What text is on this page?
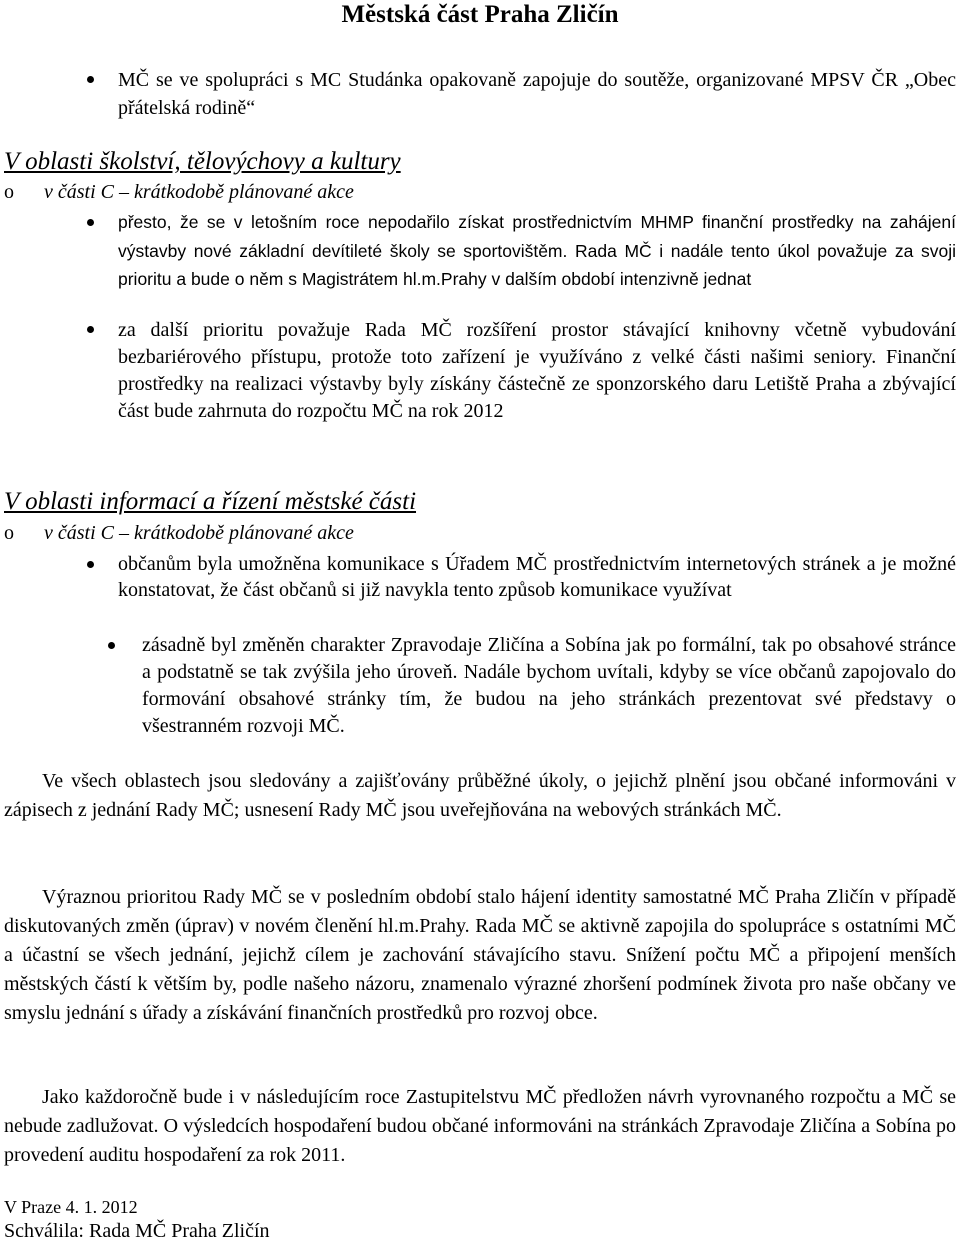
Městská část Praha Zličín

MČ se ve spolupráci s MC Studánka opakovaně zapojuje do soutěže, organizované MPSV ČR „Obec přátelská rodině“

V oblasti školství, tělovýchovy a kultury

o v části C – krátkodobě plánované akce

přesto, že se v letošním roce nepodařilo získat prostřednictvím MHMP finanční prostředky na zahájení výstavby nové základní devítileté školy se sportovištěm. Rada MČ i nadále tento úkol považuje za svoji prioritu a bude o něm s Magistrátem hl.m.Prahy v dalším období intenzivně jednat

za další prioritu považuje Rada MČ rozšíření prostor stávající knihovny včetně vybudování bezbariérového přístupu, protože toto zařízení je využíváno z velké části našimi seniory. Finanční prostředky na realizaci výstavby byly získány částečně ze sponzorského daru Letiště Praha a zbývající část bude zahrnuta do rozpočtu MČ na rok 2012

V oblasti informací a řízení městské části

o v části C – krátkodobě plánované akce

občanům byla umožněna komunikace s Úřadem MČ prostřednictvím internetových stránek a je možné konstatovat, že část občanů si již navykla tento způsob komunikace využívat

zásadně byl změněn charakter Zpravodaje Zličína a Sobína jak po formální, tak po obsahové stránce a podstatně se tak zvýšila jeho úroveň. Nadále bychom uvítali, kdyby se více občanů zapojovalo do formování obsahové stránky tím, že budou na jeho stránkách prezentovat své představy o všestranném rozvoji MČ.

Ve všech oblastech jsou sledovány a zajišťovány průběžné úkoly, o jejichž plnění jsou občané informováni v zápisech z jednání Rady MČ; usnesení Rady MČ jsou uveřejňována na webových stránkách MČ.

Výraznou prioritou Rady MČ se v posledním období stalo hájení identity samostatné MČ Praha Zličín v případě diskutovaných změn (úprav) v novém členění hl.m.Prahy. Rada MČ se aktivně zapojila do spolupráce s ostatními MČ a účastní se všech jednání, jejichž cílem je zachování stávajícího stavu. Snížení počtu MČ a připojení menších městských částí k větším by, podle našeho názoru, znamenalo výrazné zhoršení podmínek života pro naše občany ve smyslu jednání s úřady a získávání finančních prostředků pro rozvoj obce.

Jako každoročně bude i v následujícím roce Zastupitelstvu MČ předložen návrh vyrovnaného rozpočtu a MČ se nebude zadlužovat. O výsledcích hospodaření budou občané informováni na stránkách Zpravodaje Zličína a Sobína po provedení auditu hospodaření za rok 2011.

V Praze 4. 1. 2012

Schválila: Rada MČ Praha Zličín
